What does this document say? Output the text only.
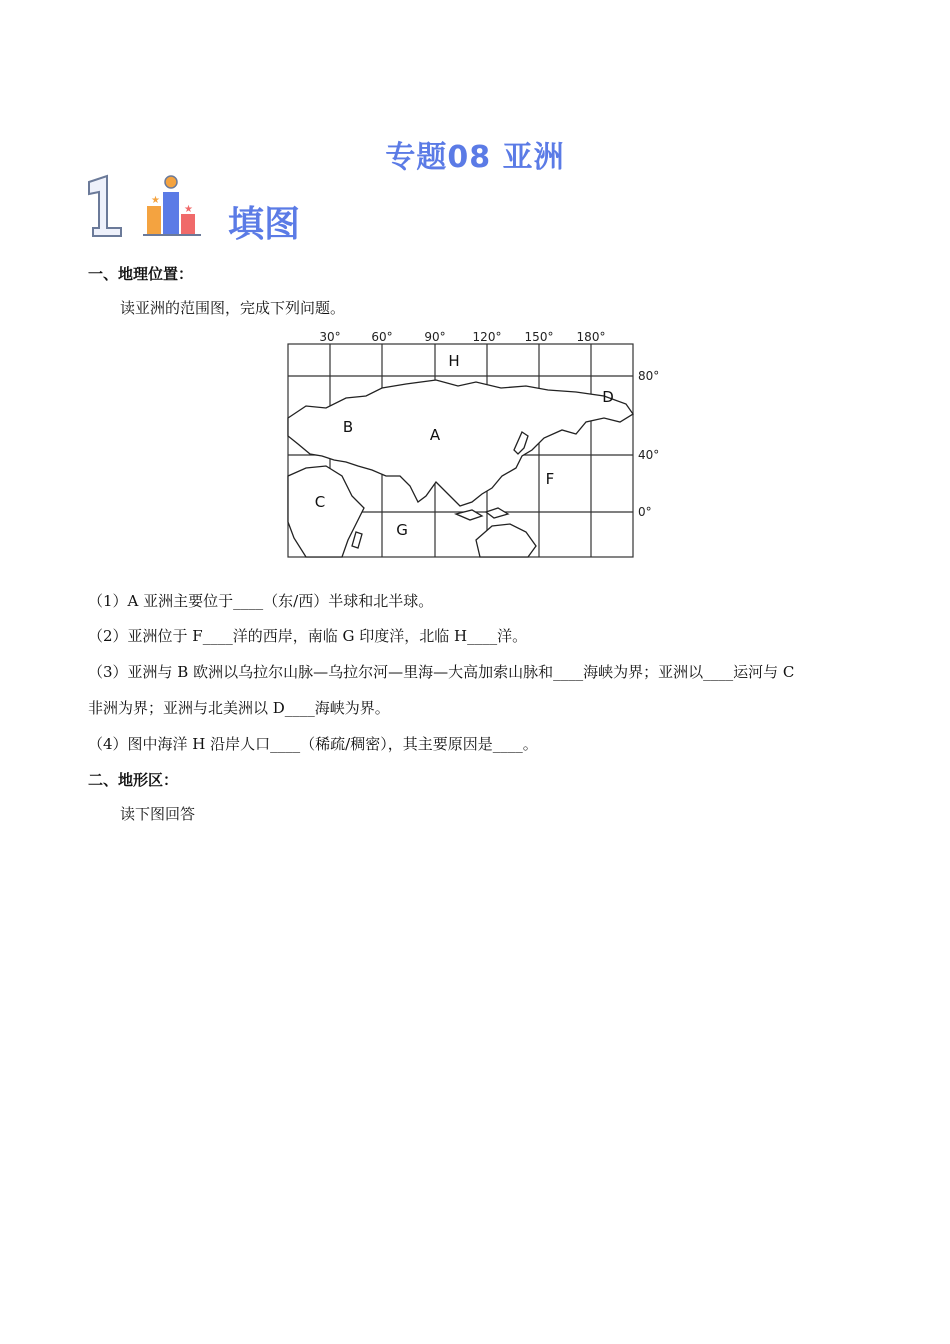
专题08 亚洲
★
★ 填图
一、地理位置：
读亚洲的范围图，完成下列问题。
30°	60°	90° 120° 150° 180°
80°
40°
0°
H
A
B
C
D
F
G
（1）A 亚洲主要位于____（东/西）半球和北半球。
（2）亚洲位于 F____洋的西岸，南临 G 印度洋，北临 H____洋。
（3）亚洲与 B 欧洲以乌拉尔山脉—乌拉尔河—里海—大高加索山脉和____海峡为界；亚洲以____运河与 C
非洲为界；亚洲与北美洲以 D____海峡为界。
（4）图中海洋 H 沿岸人口____（稀疏/稠密），其主要原因是____。
二、地形区：
读下图回答
